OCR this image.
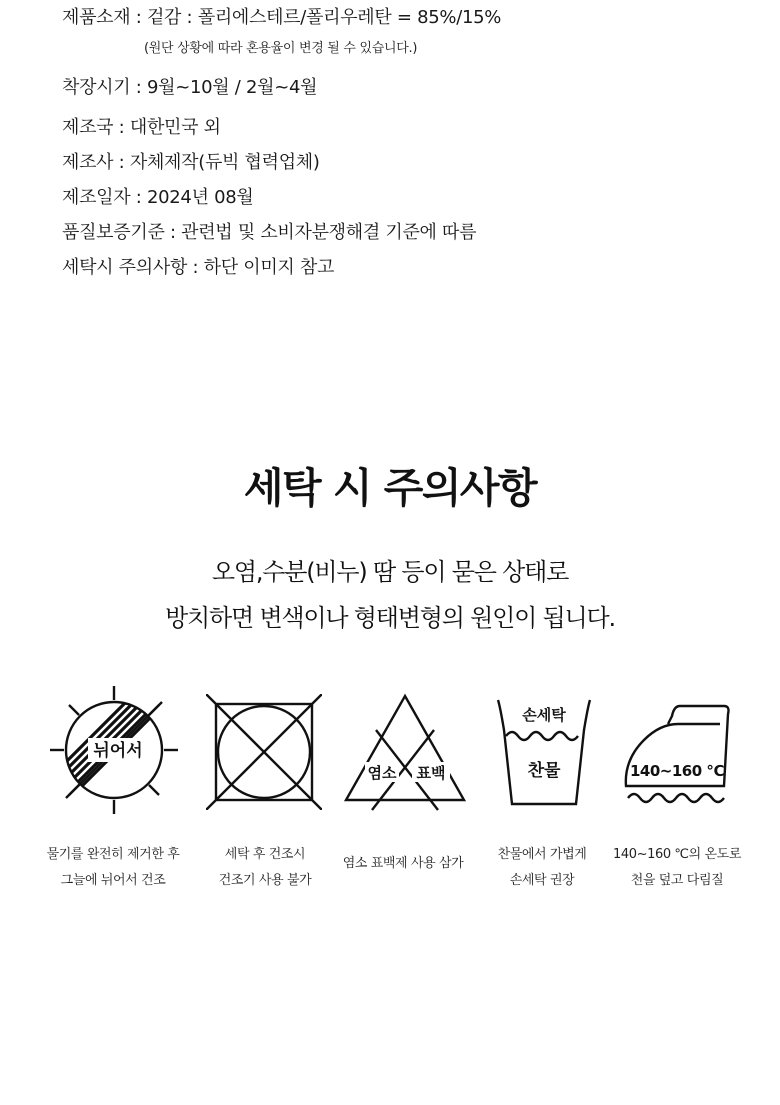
제품소재 : 겉감 : 폴리에스테르/폴리우레탄 = 85%/15%
(원단 상황에 따라 혼용율이 변경 될 수 있습니다.)
착장시기 : 9월~10월 / 2월~4월
제조국 : 대한민국 외
제조사 : 자체제작(듀빅 협력업체)
제조일자 : 2024년 08월
품질보증기준 : 관련법 및 소비자분쟁해결 기준에 따름
세탁시 주의사항 : 하단 이미지 참고
세탁 시 주의사항
오염,수분(비누) 땀 등이 묻은 상태로
방치하면 변색이나 형태변형의 원인이 됩니다.
뉘어서
염소 표백
손세탁
찬물	140~160 ℃
물기를 완전히 제거한 후
그늘에 뉘어서 건조
세탁 후 건조시
건조기 사용 불가
염소 표백제 사용 삼가
찬물에서 가볍게
손세탁 권장
140~160 ℃의 온도로
천을 덮고 다림질
